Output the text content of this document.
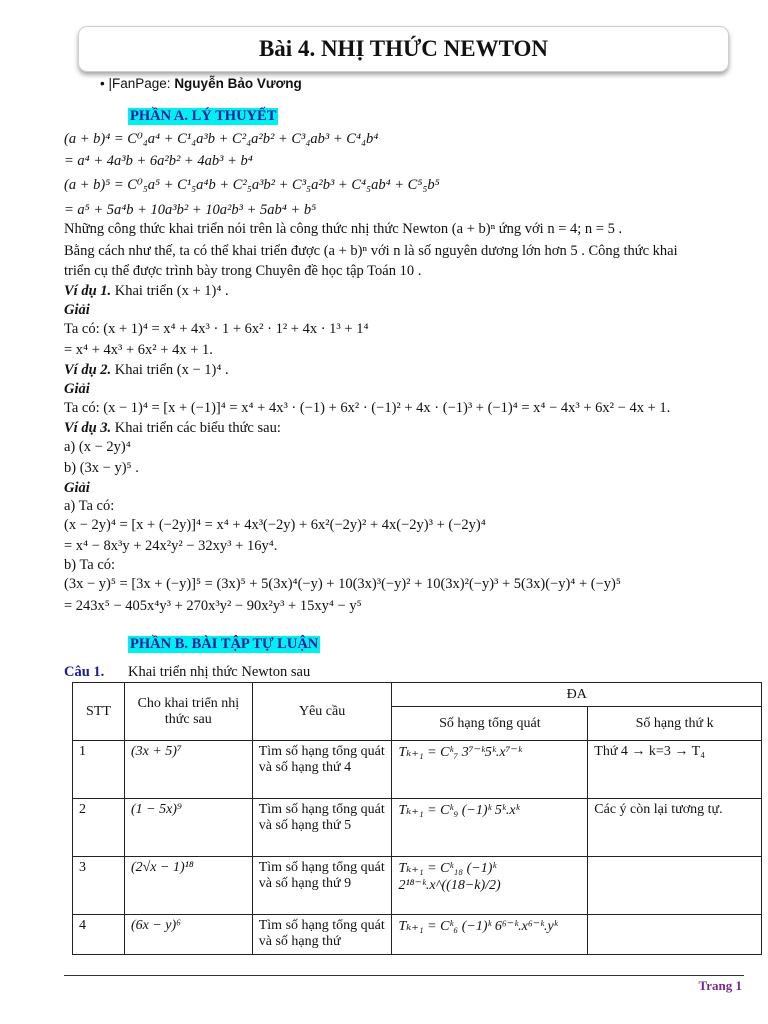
Bài 4. NHỊ THỨC NEWTON
• |FanPage: Nguyễn Bảo Vương
PHẦN A. LÝ THUYẾT
(a + b)⁴ = C⁰₄a⁴ + C¹₄a³b + C²₄a²b² + C³₄ab³ + C⁴₄b⁴
= a⁴ + 4a³b + 6a²b² + 4ab³ + b⁴
(a + b)⁵ = C⁰₅a⁵ + C¹₅a⁴b + C²₅a³b² + C³₅a²b³ + C⁴₅ab⁴ + C⁵₅b⁵
= a⁵ + 5a⁴b + 10a³b² + 10a²b³ + 5ab⁴ + b⁵
Những công thức khai triển nói trên là công thức nhị thức Newton (a + b)ⁿ ứng với n = 4; n = 5 .
Bằng cách như thế, ta có thể khai triển được (a + b)ⁿ với n là số nguyên dương lớn hơn 5 . Công thức khai
triển cụ thể được trình bày trong Chuyên đề học tập Toán 10 .
Ví dụ 1. Khai triển (x + 1)⁴ .
Giải
Ta có: (x + 1)⁴ = x⁴ + 4x³ · 1 + 6x² · 1² + 4x · 1³ + 1⁴
= x⁴ + 4x³ + 6x² + 4x + 1.
Ví dụ 2. Khai triển (x − 1)⁴ .
Giải
Ta có: (x − 1)⁴ = [x + (−1)]⁴ = x⁴ + 4x³ · (−1) + 6x² · (−1)² + 4x · (−1)³ + (−1)⁴ = x⁴ − 4x³ + 6x² − 4x + 1.
Ví dụ 3. Khai triển các biểu thức sau:
a) (x − 2y)⁴
b) (3x − y)⁵ .
Giải
a) Ta có:
(x − 2y)⁴ = [x + (−2y)]⁴ = x⁴ + 4x³(−2y) + 6x²(−2y)² + 4x(−2y)³ + (−2y)⁴
= x⁴ − 8x³y + 24x²y² − 32xy³ + 16y⁴.
b) Ta có:
(3x − y)⁵ = [3x + (−y)]⁵ = (3x)⁵ + 5(3x)⁴(−y) + 10(3x)³(−y)² + 10(3x)²(−y)³ + 5(3x)(−y)⁴ + (−y)⁵
= 243x⁵ − 405x⁴y³ + 270x³y² − 90x²y³ + 15xy⁴ − y⁵
PHẦN B. BÀI TẬP TỰ LUẬN
Câu 1. Khai triển nhị thức Newton sau
STT	Cho khai triển nhị thức sau	Yêu cầu	ĐA	
			Số hạng tổng quát	Số hạng thứ k
1	(3x + 5)⁷	Tìm số hạng tổng quát và số hạng thứ 4	Tₖ₊₁ = Cᵏ₇ 3⁷⁻ᵏ5ᵏ.x⁷⁻ᵏ	Thứ 4 → k=3 → T₄
2	(1 − 5x)⁹	Tìm số hạng tổng quát và số hạng thứ 5	Tₖ₊₁ = Cᵏ₉ (−1)ᵏ 5ᵏ.xᵏ	Các ý còn lại tương tự.
3	(2√x − 1)¹⁸	Tìm số hạng tổng quát và số hạng thứ 9	Tₖ₊₁ = Cᵏ₁₈ (−1)ᵏ 2¹⁸⁻ᵏ.x^((18−k)/2)	
4	(6x − y)⁶	Tìm số hạng tổng quát và số hạng thứ	Tₖ₊₁ = Cᵏ₆ (−1)ᵏ 6⁶⁻ᵏ.x⁶⁻ᵏ.yᵏ	
Trang 1
